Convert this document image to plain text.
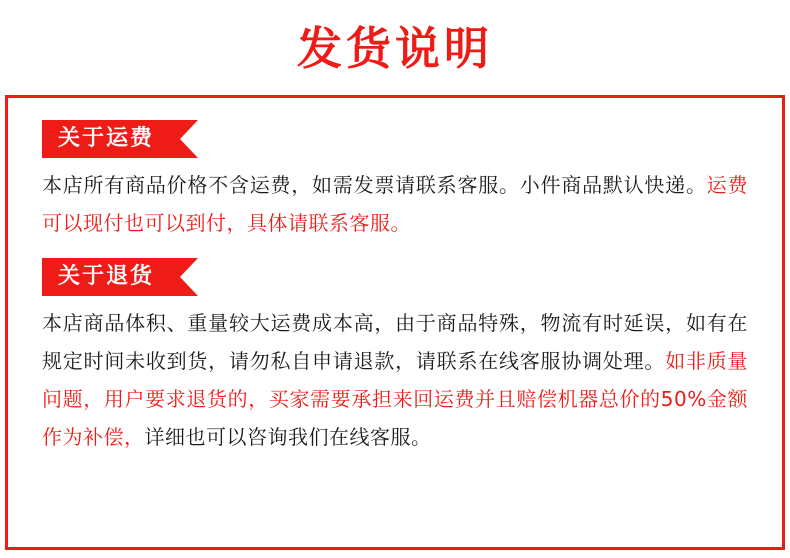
发货说明
关于运费
本店所有商品价格不含运费，如需发票请联系客服。小件商品默认快递。运费可以现付也可以到付，具体请联系客服。
关于退货
本店商品体积、重量较大运费成本高，由于商品特殊，物流有时延误，如有在规定时间未收到货，请勿私自申请退款，请联系在线客服协调处理。如非质量问题，用户要求退货的，买家需要承担来回运费并且赔偿机器总价的50%金额作为补偿，详细也可以咨询我们在线客服。
